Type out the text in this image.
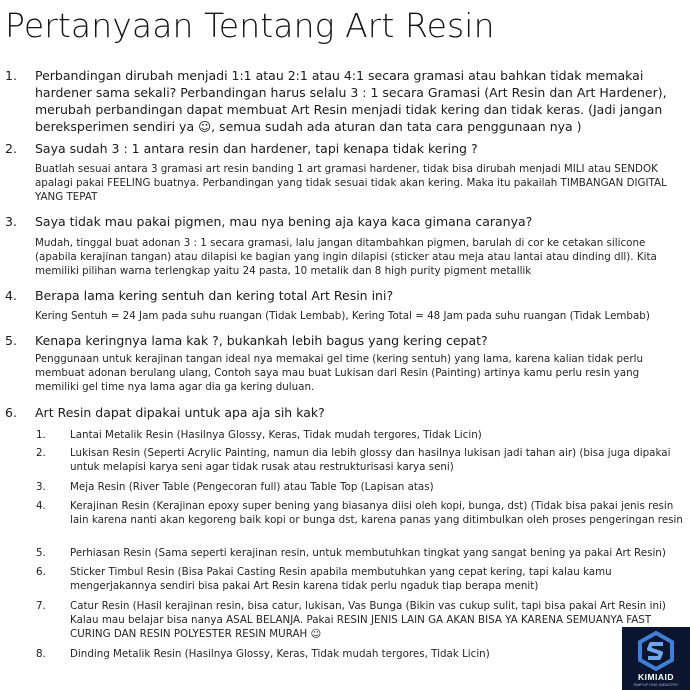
Pertanyaan Tentang Art Resin
1. Perbandingan dirubah menjadi 1:1 atau 2:1 atau 4:1 secara gramasi atau bahkan tidak memakai hardener sama sekali? Perbandingan harus selalu 3 : 1 secara Gramasi (Art Resin dan Art Hardener), merubah perbandingan dapat membuat Art Resin menjadi tidak kering dan tidak keras. (Jadi jangan bereksperimen sendiri ya ☺, semua sudah ada aturan dan tata cara penggunaan nya )
2. Saya sudah 3 : 1 antara resin dan hardener, tapi kenapa tidak kering ?
Buatlah sesuai antara 3 gramasi art resin banding 1 art gramasi hardener, tidak bisa dirubah menjadi MILI atau SENDOK apalagi pakai FEELING buatnya. Perbandingan yang tidak sesuai tidak akan kering. Maka itu pakailah TIMBANGAN DIGITAL YANG TEPAT
3. Saya tidak mau pakai pigmen, mau nya bening aja kaya kaca gimana caranya?
Mudah, tinggal buat adonan 3 : 1 secara gramasi, lalu jangan ditambahkan pigmen, barulah di cor ke cetakan silicone (apabila kerajinan tangan) atau dilapisi ke bagian yang ingin dilapisi (sticker atau meja atau lantai atau dinding dll). Kita memiliki pilihan warna terlengkap yaitu 24 pasta, 10 metalik dan 8 high purity pigment metallik
4. Berapa lama kering sentuh dan kering total Art Resin ini?
Kering Sentuh = 24 Jam pada suhu ruangan (Tidak Lembab), Kering Total = 48 Jam pada suhu ruangan (Tidak Lembab)
5. Kenapa keringnya lama kak ?, bukankah lebih bagus yang kering cepat?
Penggunaan untuk kerajinan tangan ideal nya memakai gel time (kering sentuh) yang lama, karena kalian tidak perlu membuat adonan berulang ulang, Contoh saya mau buat Lukisan dari Resin (Painting) artinya kamu perlu resin yang memiliki gel time nya lama agar dia ga kering duluan.
6. Art Resin dapat dipakai untuk apa aja sih kak?
1. Lantai Metalik Resin (Hasilnya Glossy, Keras, Tidak mudah tergores, Tidak Licin)
2. Lukisan Resin (Seperti Acrylic Painting, namun dia lebih glossy dan hasilnya lukisan jadi tahan air) (bisa juga dipakai untuk melapisi karya seni agar tidak rusak atau restrukturisasi karya seni)
3. Meja Resin (River Table (Pengecoran full) atau Table Top (Lapisan atas)
4. Kerajinan Resin (Kerajinan epoxy super bening yang biasanya diisi oleh kopi, bunga, dst) (Tidak bisa pakai jenis resin lain karena nanti akan kegoreng baik kopi or bunga dst, karena panas yang ditimbulkan oleh proses pengeringan resin
5. Perhiasan Resin (Sama seperti kerajinan resin, untuk membutuhkan tingkat yang sangat bening ya pakai Art Resin)
6. Sticker Timbul Resin (Bisa Pakai Casting Resin apabila membutuhkan yang cepat kering, tapi kalau kamu mengerjakannya sendiri bisa pakai Art Resin karena tidak perlu ngaduk tiap berapa menit)
7. Catur Resin (Hasil kerajinan resin, bisa catur, lukisan, Vas Bunga (Bikin vas cukup sulit, tapi bisa pakai Art Resin ini) Kalau mau belajar bisa nanya ASAL BELANJA. Pakai RESIN JENIS LAIN GA AKAN BISA YA KARENA SEMUANYA FAST CURING DAN RESIN POLYESTER RESIN MURAH ☺
8. Dinding Metalik Resin (Hasilnya Glossy, Keras, Tidak mudah tergores, Tidak Licin)
KIMIAID
SIMPLIFYING INDUSTRY
